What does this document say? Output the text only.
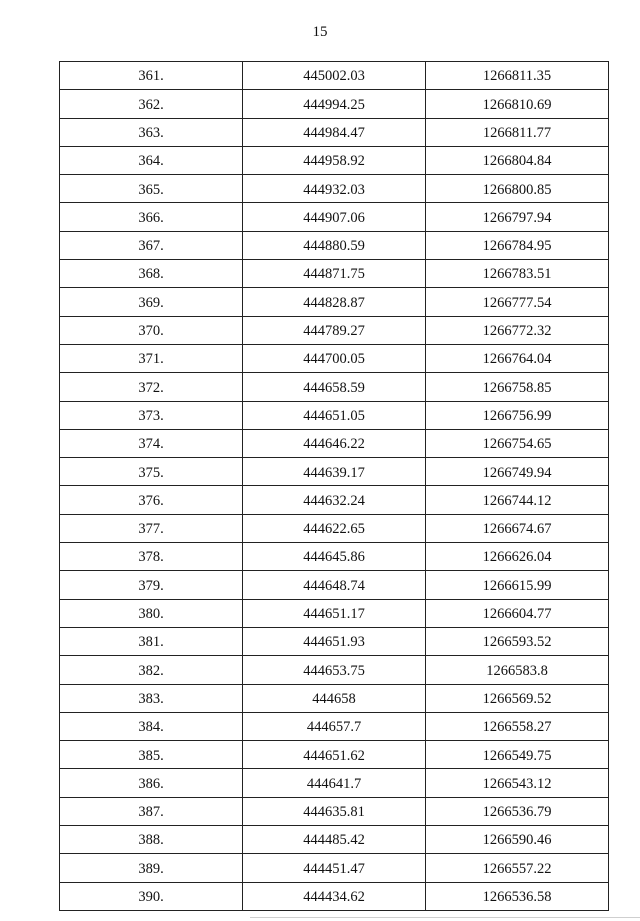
15
361.	445002.03	1266811.35
362.	444994.25	1266810.69
363.	444984.47	1266811.77
364.	444958.92	1266804.84
365.	444932.03	1266800.85
366.	444907.06	1266797.94
367.	444880.59	1266784.95
368.	444871.75	1266783.51
369.	444828.87	1266777.54
370.	444789.27	1266772.32
371.	444700.05	1266764.04
372.	444658.59	1266758.85
373.	444651.05	1266756.99
374.	444646.22	1266754.65
375.	444639.17	1266749.94
376.	444632.24	1266744.12
377.	444622.65	1266674.67
378.	444645.86	1266626.04
379.	444648.74	1266615.99
380.	444651.17	1266604.77
381.	444651.93	1266593.52
382.	444653.75	1266583.8
383.	444658	1266569.52
384.	444657.7	1266558.27
385.	444651.62	1266549.75
386.	444641.7	1266543.12
387.	444635.81	1266536.79
388.	444485.42	1266590.46
389.	444451.47	1266557.22
390.	444434.62	1266536.58
